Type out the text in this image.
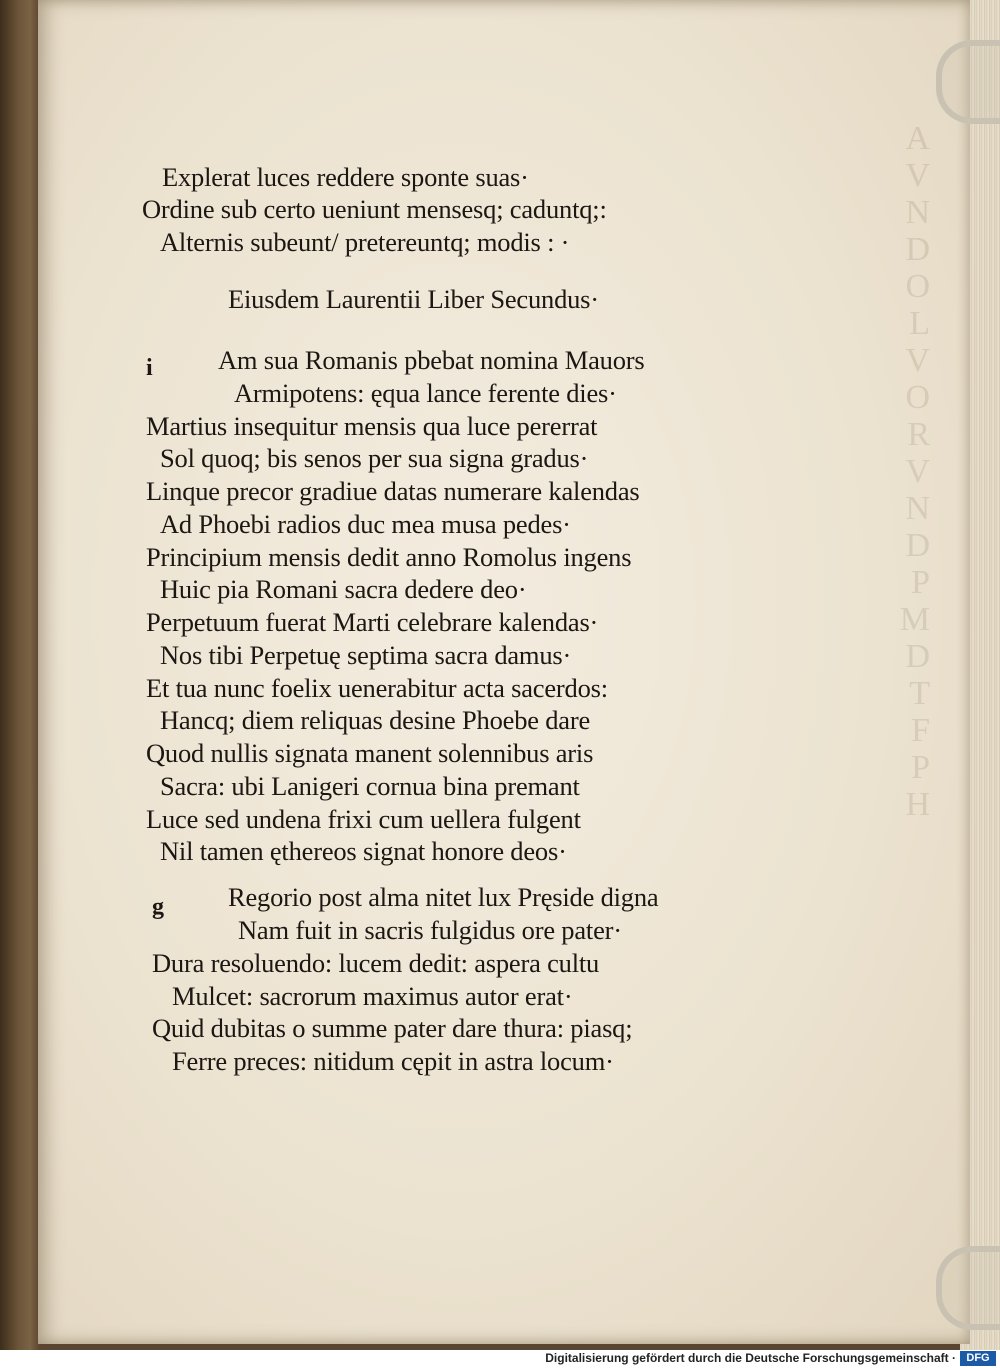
A
V
N
D
O
L
V
O
R
V
N
D
P
M
D
T
F
P
H
Explerat luces reddere sponte suas·
Ordine sub certo ueniunt mensesq; caduntq;:
Alternis subeunt/ pretereuntq; modis : ·
Eiusdem Laurentii Liber Secundus·
i Am sua Romanis pbebat nomina Mauors
Armipotens: ęqua lance ferente dies·
Martius insequitur mensis qua luce pererrat
Sol quoq; bis senos per sua signa gradus·
Linque precor gradiue datas numerare kalendas
Ad Phoebi radios duc mea musa pedes·
Principium mensis dedit anno Romolus ingens
Huic pia Romani sacra dedere deo·
Perpetuum fuerat Marti celebrare kalendas·
Nos tibi Perpetuę septima sacra damus·
Et tua nunc foelix uenerabitur acta sacerdos:
Hancq; diem reliquas desine Phoebe dare
Quod nullis signata manent solennibus aris
Sacra: ubi Lanigeri cornua bina premant
Luce sed undena frixi cum uellera fulgent
Nil tamen ęthereos signat honore deos·
g Regorio post alma nitet lux Pręside digna
Nam fuit in sacris fulgidus ore pater·
Dura resoluendo: lucem dedit: aspera cultu
Mulcet: sacrorum maximus autor erat·
Quid dubitas o summe pater dare thura: piasq;
Ferre preces: nitidum cępit in astra locum·
Digitalisierung gefördert durch die Deutsche Forschungsgemeinschaft · DFG
